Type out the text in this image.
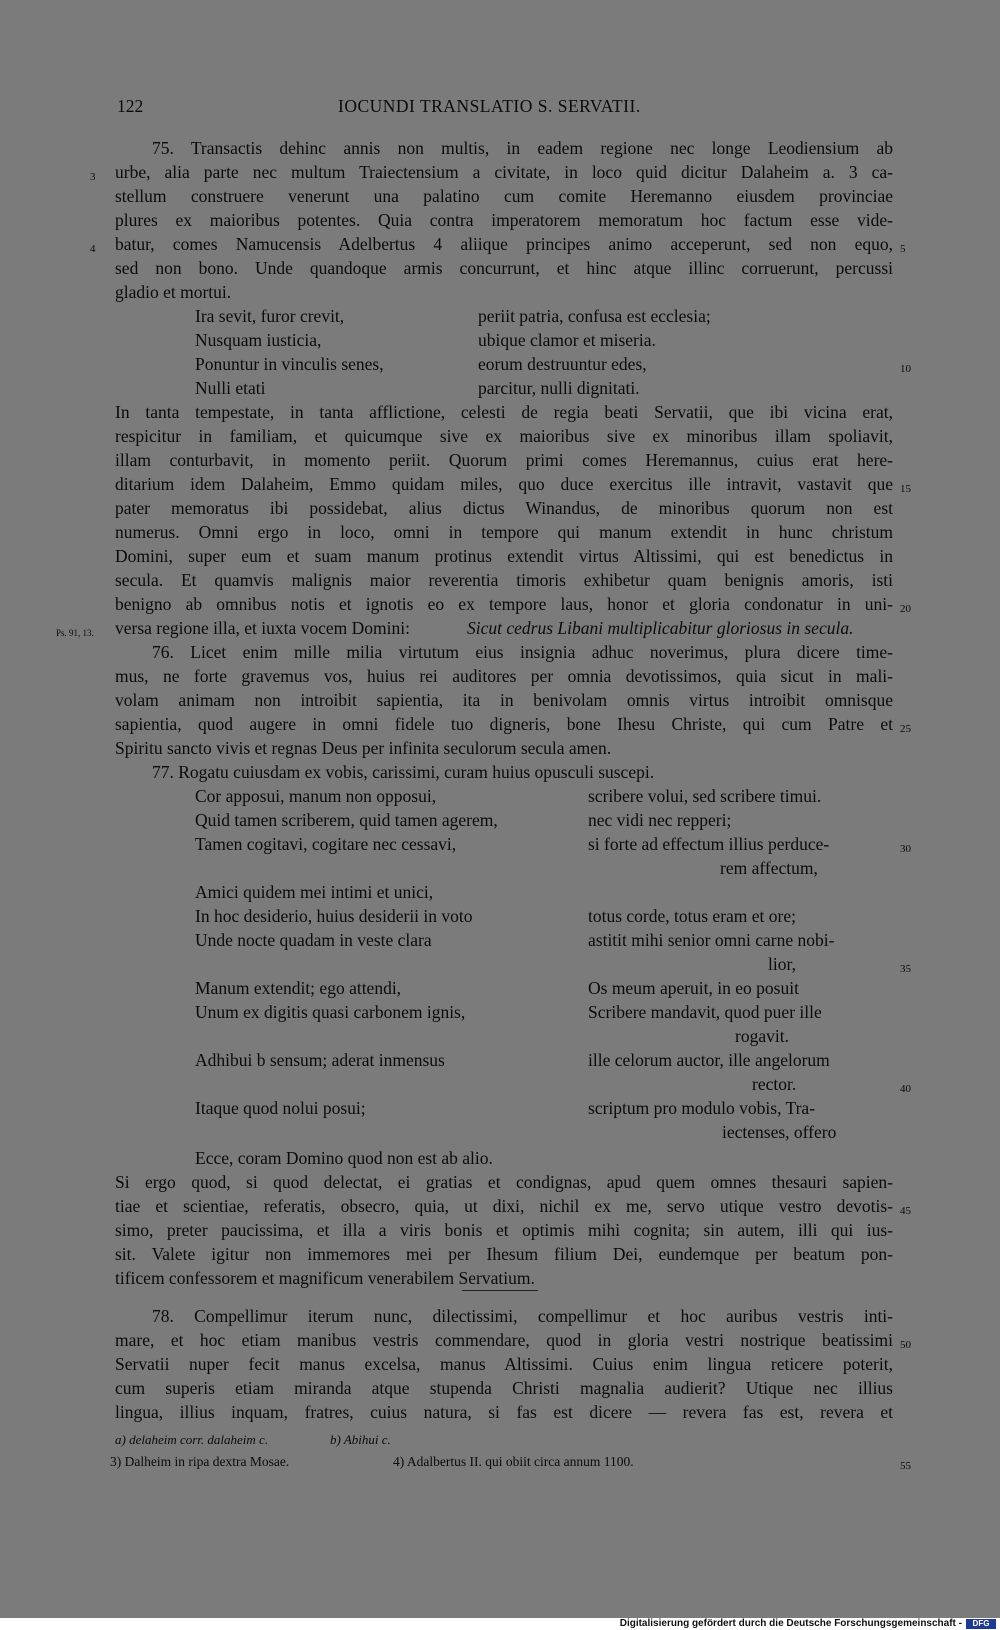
122	IOCUNDI TRANSLATIO S. SERVATII.
75. Transactis dehinc annis non multis, in eadem regione nec longe Leodiensium ab
3 urbe, alia parte nec multum Traiectensium a civitate, in loco quid dicitur Dalaheim a. 3 ca-
stellum construere venerunt una palatino cum comite Heremanno eiusdem provinciae
plures ex maioribus potentes. Quia contra imperatorem memoratum hoc factum esse vide-
4 batur, comes Namucensis Adelbertus 4 aliique principes animo acceperunt, sed non equo, 5
sed non bono. Unde quandoque armis concurrunt, et hinc atque illinc corruerunt, percussi
gladio et mortui.
Ira sevit, furor crevit,	periit patria, confusa est ecclesia;
Nusquam iusticia,	ubique clamor et miseria.
Ponuntur in vinculis senes,	eorum destruuntur edes,	10
Nulli etati	parcitur, nulli dignitati.
In tanta tempestate, in tanta afflictione, celesti de regia beati Servatii, que ibi vicina erat,
respicitur in familiam, et quicumque sive ex maioribus sive ex minoribus illam spoliavit,
illam conturbavit, in momento periit. Quorum primi comes Heremannus, cuius erat here-
ditarium idem Dalaheim, Emmo quidam miles, quo duce exercitus ille intravit, vastavit que 15
pater memoratus ibi possidebat, alius dictus Winandus, de minoribus quorum non est
numerus. Omni ergo in loco, omni in tempore qui manum extendit in hunc christum
Domini, super eum et suam manum protinus extendit virtus Altissimi, qui est benedictus in
secula. Et quamvis malignis maior reverentia timoris exhibetur quam benignis amoris, isti
benigno ab omnibus notis et ignotis eo ex tempore laus, honor et gloria condonatur in uni- 20
Ps. 91, 13. versa regione illa, et iuxta vocem Domini:	Sicut cedrus Libani multiplicabitur gloriosus in secula.
76. Licet enim mille milia virtutum eius insignia adhuc noverimus, plura dicere time-
mus, ne forte gravemus vos, huius rei auditores per omnia devotissimos, quia sicut in mali-
volam animam non introibit sapientia, ita in benivolam omnis virtus introibit omnisque
sapientia, quod augere in omni fidele tuo digneris, bone Ihesu Christe, qui cum Patre et 25
Spiritu sancto vivis et regnas Deus per infinita seculorum secula amen.
77. Rogatu cuiusdam ex vobis, carissimi, curam huius opusculi suscepi.
Cor apposui, manum non opposui,	scribere volui, sed scribere timui.
Quid tamen scriberem, quid tamen agerem,	nec vidi nec repperi;
Tamen cogitavi, cogitare nec cessavi,	si forte ad effectum illius perduce-	30
rem affectum,
Amici quidem mei intimi et unici,
In hoc desiderio, huius desiderii in voto	totus corde, totus eram et ore;
Unde nocte quadam in veste clara	astitit mihi senior omni carne nobi-
lior,	35
Manum extendit; ego attendi,	Os meum aperuit, in eo posuit
Unum ex digitis quasi carbonem ignis,	Scribere mandavit, quod puer ille
rogavit.
Adhibui b sensum; aderat inmensus	ille celorum auctor, ille angelorum
rector.	40
Itaque quod nolui posui;	scriptum pro modulo vobis, Tra-
iectenses, offero
Ecce, coram Domino quod non est ab alio.
Si ergo quod, si quod delectat, ei gratias et condignas, apud quem omnes thesauri sapien-
tiae et scientiae, referatis, obsecro, quia, ut dixi, nichil ex me, servo utique vestro devotis- 45
simo, preter paucissima, et illa a viris bonis et optimis mihi cognita; sin autem, illi qui ius-
sit. Valete igitur non immemores mei per Ihesum filium Dei, eundemque per beatum pon-
tificem confessorem et magnificum venerabilem Servatium.
78. Compellimur iterum nunc, dilectissimi, compellimur et hoc auribus vestris inti-
mare, et hoc etiam manibus vestris commendare, quod in gloria vestri nostrique beatissimi 50
Servatii nuper fecit manus excelsa, manus Altissimi. Cuius enim lingua reticere poterit,
cum superis etiam miranda atque stupenda Christi magnalia audierit? Utique nec illius
lingua, illius inquam, fratres, cuius natura, si fas est dicere — revera fas est, revera et
a) delaheim corr. dalaheim c.	b) Abihui c.
3) Dalheim in ripa dextra Mosae.	4) Adalbertus II. qui obiit circa annum 1100.	55
Digitalisierung gefördert durch die Deutsche Forschungsgemeinschaft -	DFG
